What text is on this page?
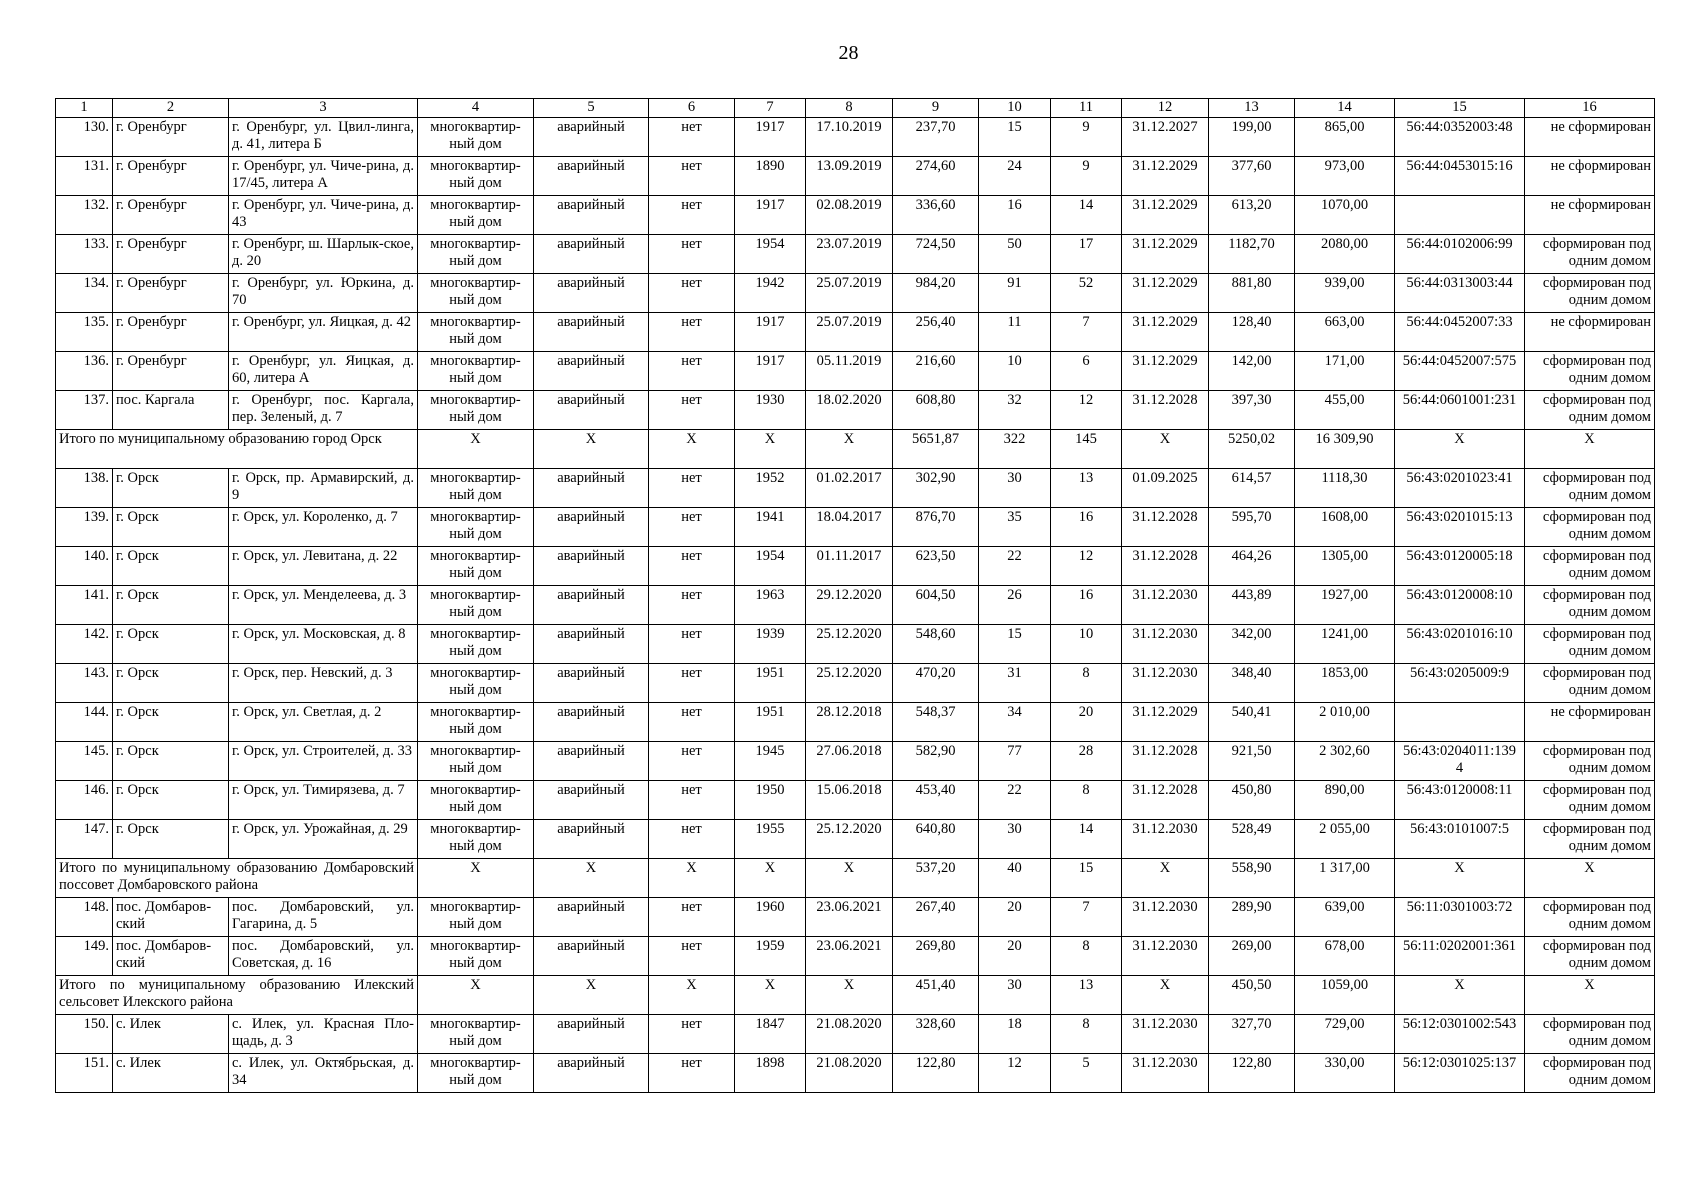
28
1	2	3	4	5	6	7	8	9	10	11	12	13	14	15	16
130.	г. Оренбург	г. Оренбург, ул. Цвил-линга, д. 41, литера Б	многоквартир-ный дом	аварийный	нет	1917	17.10.2019	237,70	15	9	31.12.2027	199,00	865,00	56:44:0352003:48	не сформирован
131.	г. Оренбург	г. Оренбург, ул. Чиче-рина, д. 17/45, литера А	многоквартир-ный дом	аварийный	нет	1890	13.09.2019	274,60	24	9	31.12.2029	377,60	973,00	56:44:0453015:16	не сформирован
132.	г. Оренбург	г. Оренбург, ул. Чиче-рина, д. 43	многоквартир-ный дом	аварийный	нет	1917	02.08.2019	336,60	16	14	31.12.2029	613,20	1070,00		не сформирован
133.	г. Оренбург	г. Оренбург, ш. Шарлык-ское, д. 20	многоквартир-ный дом	аварийный	нет	1954	23.07.2019	724,50	50	17	31.12.2029	1182,70	2080,00	56:44:0102006:99	сформирован под одним домом
134.	г. Оренбург	г. Оренбург, ул. Юркина, д. 70	многоквартир-ный дом	аварийный	нет	1942	25.07.2019	984,20	91	52	31.12.2029	881,80	939,00	56:44:0313003:44	сформирован под одним домом
135.	г. Оренбург	г. Оренбург, ул. Яицкая, д. 42	многоквартир-ный дом	аварийный	нет	1917	25.07.2019	256,40	11	7	31.12.2029	128,40	663,00	56:44:0452007:33	не сформирован
136.	г. Оренбург	г. Оренбург, ул. Яицкая, д. 60, литера А	многоквартир-ный дом	аварийный	нет	1917	05.11.2019	216,60	10	6	31.12.2029	142,00	171,00	56:44:0452007:575	сформирован под одним домом
137.	пос. Каргала	г. Оренбург, пос. Каргала, пер. Зеленый, д. 7	многоквартир-ный дом	аварийный	нет	1930	18.02.2020	608,80	32	12	31.12.2028	397,30	455,00	56:44:0601001:231	сформирован под одним домом
Итого по муниципальному образованию город Орск			X	X	X	X	X	5651,87	322	145	X	5250,02	16 309,90	X	X
138.	г. Орск	г. Орск, пр. Армавирский, д. 9	многоквартир-ный дом	аварийный	нет	1952	01.02.2017	302,90	30	13	01.09.2025	614,57	1118,30	56:43:0201023:41	сформирован под одним домом
139.	г. Орск	г. Орск, ул. Короленко, д. 7	многоквартир-ный дом	аварийный	нет	1941	18.04.2017	876,70	35	16	31.12.2028	595,70	1608,00	56:43:0201015:13	сформирован под одним домом
140.	г. Орск	г. Орск, ул. Левитана, д. 22	многоквартир-ный дом	аварийный	нет	1954	01.11.2017	623,50	22	12	31.12.2028	464,26	1305,00	56:43:0120005:18	сформирован под одним домом
141.	г. Орск	г. Орск, ул. Менделеева, д. 3	многоквартир-ный дом	аварийный	нет	1963	29.12.2020	604,50	26	16	31.12.2030	443,89	1927,00	56:43:0120008:10	сформирован под одним домом
142.	г. Орск	г. Орск, ул. Московская, д. 8	многоквартир-ный дом	аварийный	нет	1939	25.12.2020	548,60	15	10	31.12.2030	342,00	1241,00	56:43:0201016:10	сформирован под одним домом
143.	г. Орск	г. Орск, пер. Невский, д. 3	многоквартир-ный дом	аварийный	нет	1951	25.12.2020	470,20	31	8	31.12.2030	348,40	1853,00	56:43:0205009:9	сформирован под одним домом
144.	г. Орск	г. Орск, ул. Светлая, д. 2	многоквартир-ный дом	аварийный	нет	1951	28.12.2018	548,37	34	20	31.12.2029	540,41	2 010,00		не сформирован
145.	г. Орск	г. Орск, ул. Строителей, д. 33	многоквартир-ный дом	аварийный	нет	1945	27.06.2018	582,90	77	28	31.12.2028	921,50	2 302,60	56:43:0204011:139 4	сформирован под одним домом
146.	г. Орск	г. Орск, ул. Тимирязева, д. 7	многоквартир-ный дом	аварийный	нет	1950	15.06.2018	453,40	22	8	31.12.2028	450,80	890,00	56:43:0120008:11	сформирован под одним домом
147.	г. Орск	г. Орск, ул. Урожайная, д. 29	многоквартир-ный дом	аварийный	нет	1955	25.12.2020	640,80	30	14	31.12.2030	528,49	2 055,00	56:43:0101007:5	сформирован под одним домом
Итого по муниципальному образованию Домбаровский поссовет Домбаровского района			X	X	X	X	X	537,20	40	15	X	558,90	1 317,00	X	X
148.	пос. Домбаров-ский	пос. Домбаровский, ул. Гагарина, д. 5	многоквартир-ный дом	аварийный	нет	1960	23.06.2021	267,40	20	7	31.12.2030	289,90	639,00	56:11:0301003:72	сформирован под одним домом
149.	пос. Домбаров-ский	пос. Домбаровский, ул. Советская, д. 16	многоквартир-ный дом	аварийный	нет	1959	23.06.2021	269,80	20	8	31.12.2030	269,00	678,00	56:11:0202001:361	сформирован под одним домом
Итого по муниципальному образованию Илекский сельсовет Илекского района			X	X	X	X	X	451,40	30	13	X	450,50	1059,00	X	X
150.	с. Илек	с. Илек, ул. Красная Пло-щадь, д. 3	многоквартир-ный дом	аварийный	нет	1847	21.08.2020	328,60	18	8	31.12.2030	327,70	729,00	56:12:0301002:543	сформирован под одним домом
151.	с. Илек	с. Илек, ул. Октябрьская, д. 34	многоквартир-ный дом	аварийный	нет	1898	21.08.2020	122,80	12	5	31.12.2030	122,80	330,00	56:12:0301025:137	сформирован под одним домом
